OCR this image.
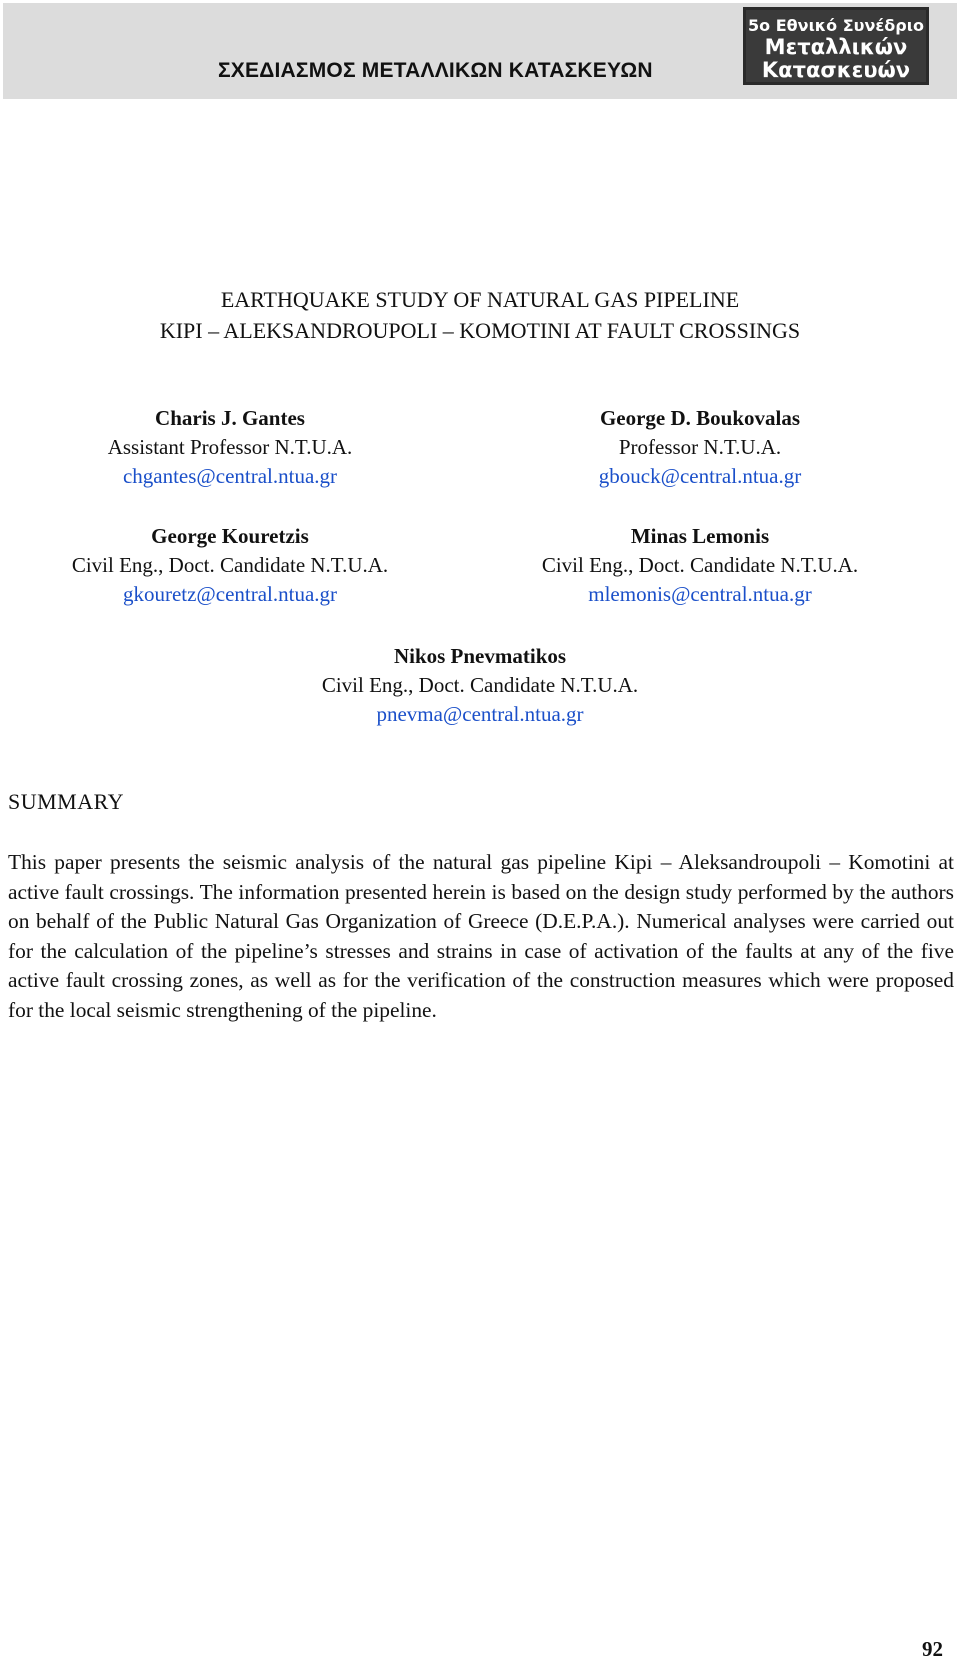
ΣΧΕΔΙΑΣΜΟΣ ΜΕΤΑΛΛΙΚΩΝ ΚΑΤΑΣΚΕΥΩΝ
5ο Εθνικό Συνέδριο
Μεταλλικών
Κατασκευών
EARTHQUAKE STUDY OF NATURAL GAS PIPELINE
KIPI – ALEKSANDROUPOLI – KOMOTINI AT FAULT CROSSINGS
Charis J. Gantes
Assistant Professor N.T.U.A.
chgantes@central.ntua.gr
George D. Boukovalas
Professor N.T.U.A.
gbouck@central.ntua.gr
George Kouretzis
Civil Eng., Doct. Candidate N.T.U.A.
gkouretz@central.ntua.gr
Minas Lemonis
Civil Eng., Doct. Candidate N.T.U.A.
mlemonis@central.ntua.gr
Nikos Pnevmatikos
Civil Eng., Doct. Candidate N.T.U.A.
pnevma@central.ntua.gr
SUMMARY
This paper presents the seismic analysis of the natural gas pipeline Kipi – Aleksandroupoli – Komotini at active fault crossings. The information presented herein is based on the design study performed by the authors on behalf of the Public Natural Gas Organization of Greece (D.E.P.A.). Numerical analyses were carried out for the calculation of the pipeline’s stresses and strains in case of activation of the faults at any of the five active fault crossing zones, as well as for the verification of the construction measures which were proposed for the local seismic strengthening of the pipeline.
92
